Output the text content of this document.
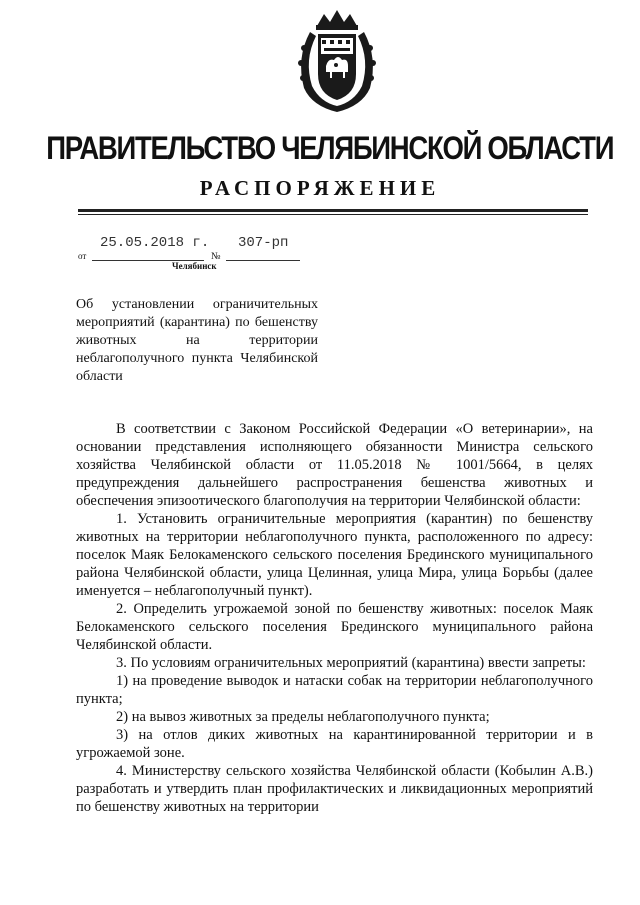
ПРАВИТЕЛЬСТВО ЧЕЛЯБИНСКОЙ ОБЛАСТИ
РАСПОРЯЖЕНИЕ
от
25.05.2018 г.
№
307-рп
Челябинск
Об установлении ограничительных мероприятий (карантина) по бешенству животных на территории неблагополучного пункта Челябинской области

В соответствии с Законом Российской Федерации «О ветеринарии», на основании представления исполняющего обязанности Министра сельского хозяйства Челябинской области от 11.05.2018 № 1001/5664, в целях предупреждения дальнейшего распространения бешенства животных и обеспечения эпизоотического благополучия на территории Челябинской области:

1. Установить ограничительные мероприятия (карантин) по бешенству животных на территории неблагополучного пункта, расположенного по адресу: поселок Маяк Белокаменского сельского поселения Брединского муниципального района Челябинской области, улица Целинная, улица Мира, улица Борьбы (далее именуется – неблагополучный пункт).

2. Определить угрожаемой зоной по бешенству животных: поселок Маяк Белокаменского сельского поселения Брединского муниципального района Челябинской области.

3. По условиям ограничительных мероприятий (карантина) ввести запреты:

1) на проведение выводок и натаски собак на территории неблагополучного пункта;

2) на вывоз животных за пределы неблагополучного пункта;

3) на отлов диких животных на карантинированной территории и в угрожаемой зоне.

4. Министерству сельского хозяйства Челябинской области (Кобылин А.В.) разработать и утвердить план профилактических и ликвидационных мероприятий по бешенству животных на территории
